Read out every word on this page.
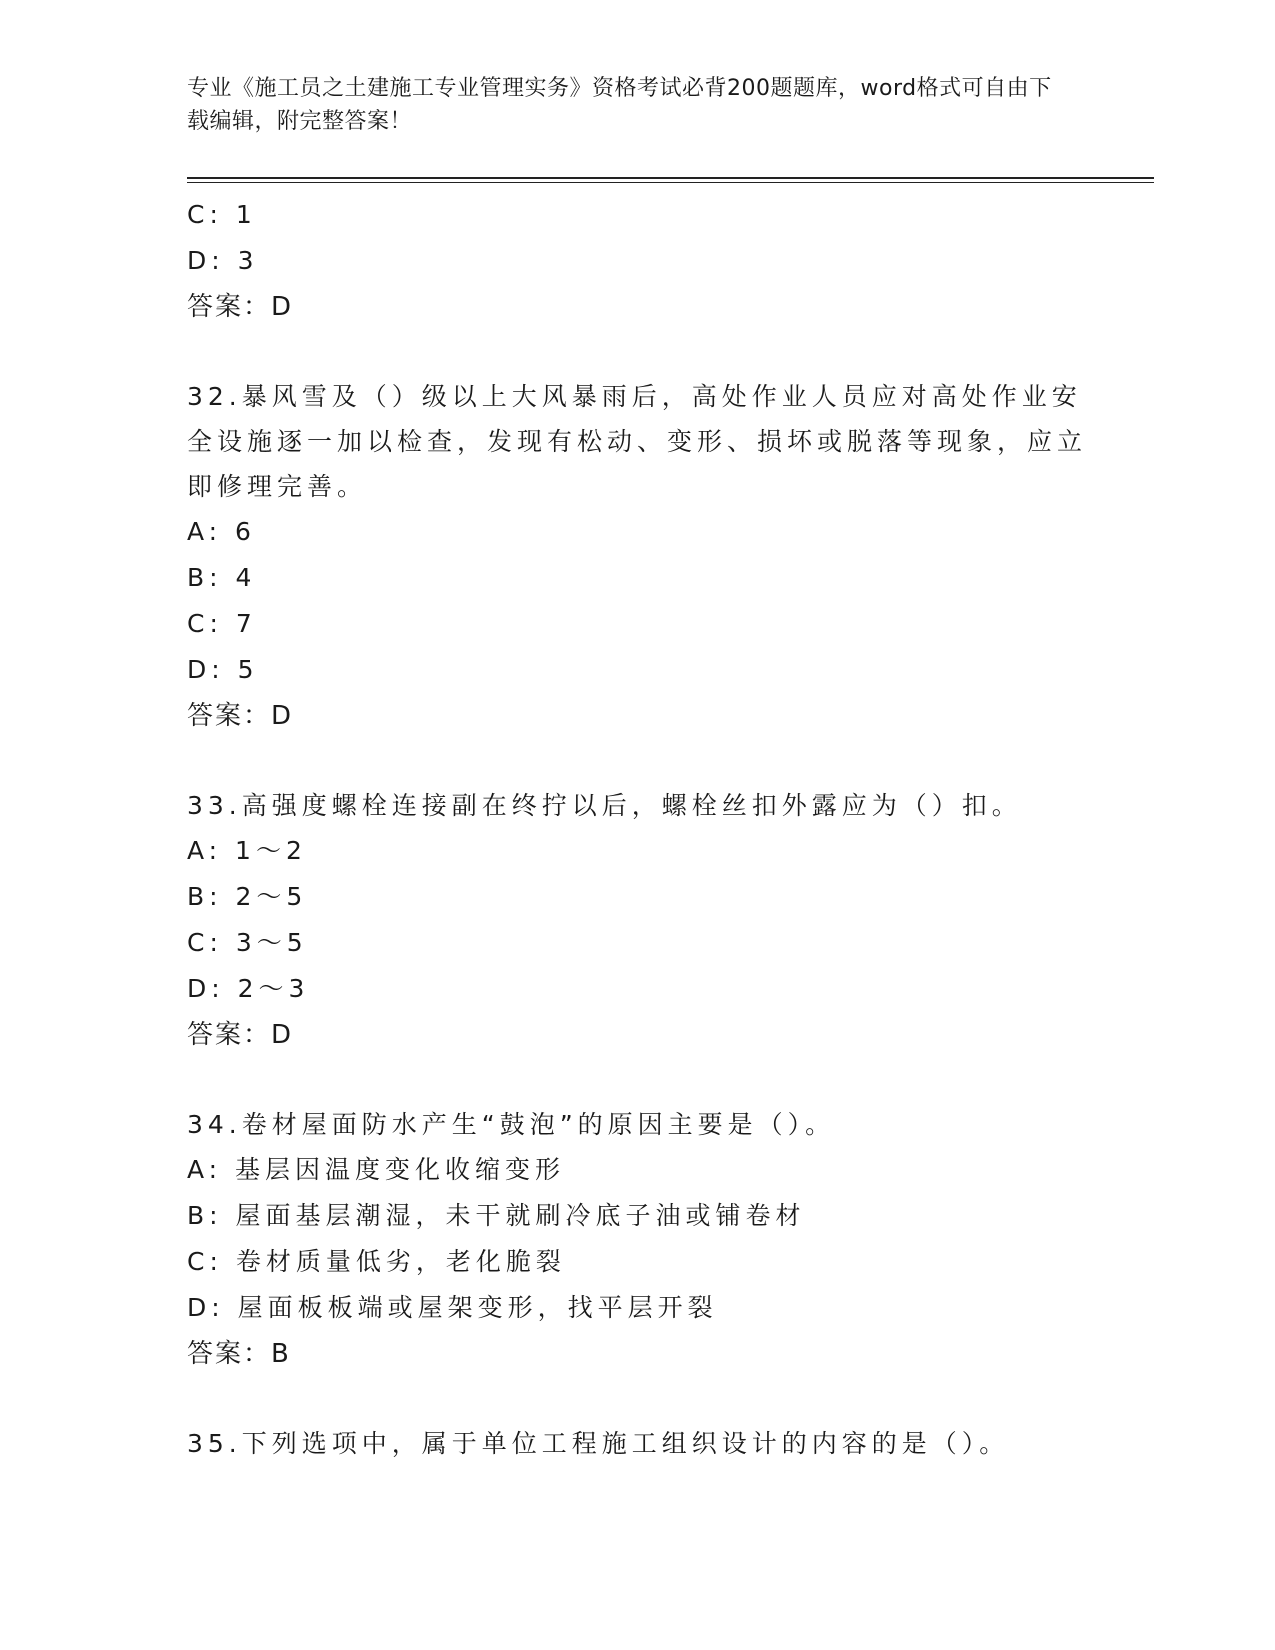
专业《施工员之土建施工专业管理实务》资格考试必背200题题库，word格式可自由下载编辑，附完整答案！
C: 1
D: 3
答案：D
32.暴风雪及（）级以上大风暴雨后，高处作业人员应对高处作业安全设施逐一加以检查，发现有松动、变形、损坏或脱落等现象，应立即修理完善。
A: 6
B: 4
C: 7
D: 5
答案：D
33.高强度螺栓连接副在终拧以后，螺栓丝扣外露应为（）扣。
A: 1～2
B: 2～5
C: 3～5
D: 2～3
答案：D
34.卷材屋面防水产生“鼓泡”的原因主要是（）。
A: 基层因温度变化收缩变形
B: 屋面基层潮湿，未干就刷冷底子油或铺卷材
C: 卷材质量低劣，老化脆裂
D: 屋面板板端或屋架变形，找平层开裂
答案：B
35.下列选项中，属于单位工程施工组织设计的内容的是（）。
